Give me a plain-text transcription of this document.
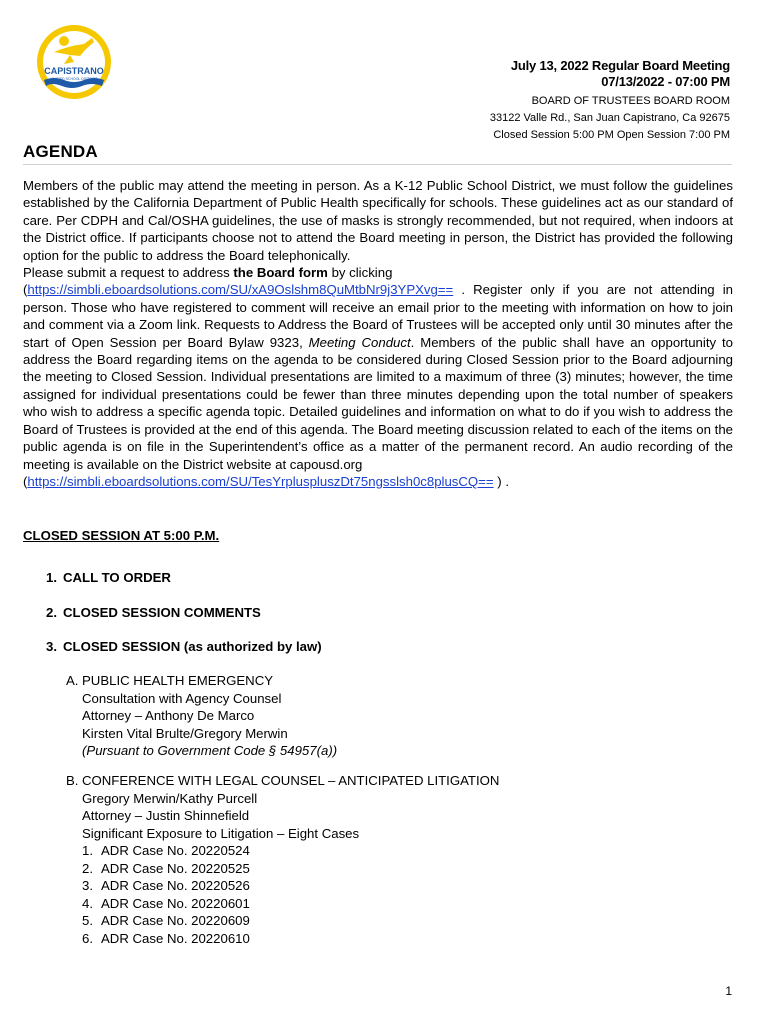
CAPISTRANO
UNIFIED SCHOOL DISTRICT
July 13, 2022 Regular Board Meeting
07/13/2022 - 07:00 PM
BOARD OF TRUSTEES BOARD ROOM
33122 Valle Rd., San Juan Capistrano, Ca 92675
Closed Session 5:00 PM Open Session 7:00 PM
AGENDA

Members of the public may attend the meeting in person. As a K-12 Public School District, we must follow the guidelines established by the California Department of Public Health specifically for schools. These guidelines act as our standard of care. Per CDPH and Cal/OSHA guidelines, the use of masks is strongly recommended, but not required, when indoors at the District office. If participants choose not to attend the Board meeting in person, the District has provided the following option for the public to address the Board telephonically.

Please submit a request to address the Board form by clicking

(https://simbli.eboardsolutions.com/SU/xA9Oslshm8QuMtbNr9j3YPXvg== . Register only if you are not attending in person. Those who have registered to comment will receive an email prior to the meeting with information on how to join and comment via a Zoom link. Requests to Address the Board of Trustees will be accepted only until 30 minutes after the start of Open Session per Board Bylaw 9323, Meeting Conduct. Members of the public shall have an opportunity to address the Board regarding items on the agenda to be considered during Closed Session prior to the Board adjourning the meeting to Closed Session. Individual presentations are limited to a maximum of three (3) minutes; however, the time assigned for individual presentations could be fewer than three minutes depending upon the total number of speakers who wish to address a specific agenda topic. Detailed guidelines and information on what to do if you wish to address the Board of Trustees is provided at the end of this agenda. The Board meeting discussion related to each of the items on the public agenda is on file in the Superintendent’s office as a matter of the permanent record. An audio recording of the meeting is available on the District website at capousd.org

(https://simbli.eboardsolutions.com/SU/TesYrpluspluszDt75ngsslsh0c8plusCQ== ) .

CLOSED SESSION AT 5:00 P.M.
1. CALL TO ORDER
2. CLOSED SESSION COMMENTS
3. CLOSED SESSION (as authorized by law)
A. PUBLIC HEALTH EMERGENCY
Consultation with Agency Counsel
Attorney – Anthony De Marco
Kirsten Vital Brulte/Gregory Merwin
(Pursuant to Government Code § 54957(a))
B. CONFERENCE WITH LEGAL COUNSEL – ANTICIPATED LITIGATION
Gregory Merwin/Kathy Purcell
Attorney – Justin Shinnefield
Significant Exposure to Litigation – Eight Cases
1. ADR Case No. 20220524
2. ADR Case No. 20220525
3. ADR Case No. 20220526
4. ADR Case No. 20220601
5. ADR Case No. 20220609
6. ADR Case No. 20220610
1
